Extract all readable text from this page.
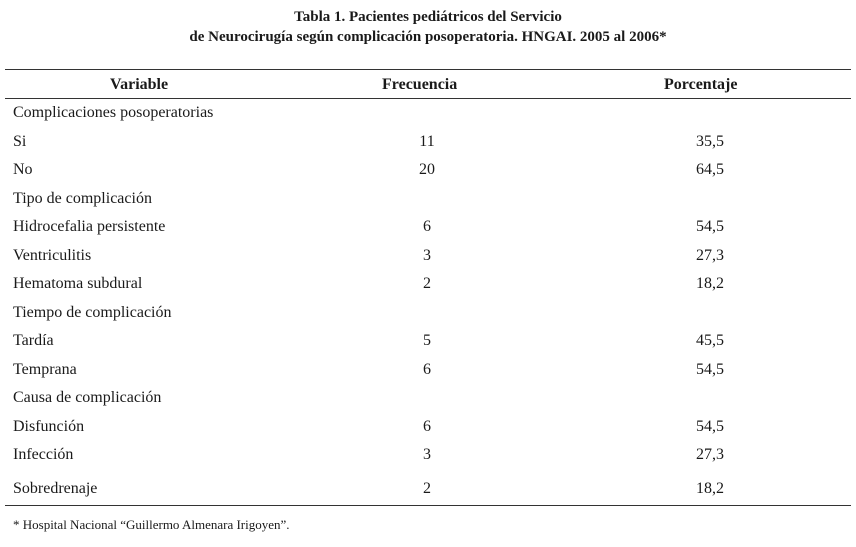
Tabla 1. Pacientes pediátricos del Servicio
de Neurocirugía según complicación posoperatoria. HNGAI. 2005 al 2006*
Variable	Frecuencia	Porcentaje
Complicaciones posoperatorias
Si	11	35,5
No	20	64,5
Tipo de complicación
Hidrocefalia persistente	6	54,5
Ventriculitis	3	27,3
Hematoma subdural	2	18,2
Tiempo de complicación
Tardía	5	45,5
Temprana	6	54,5
Causa de complicación
Disfunción	6	54,5
Infección	3	27,3
Sobredrenaje	2	18,2
* Hospital Nacional “Guillermo Almenara Irigoyen”.
